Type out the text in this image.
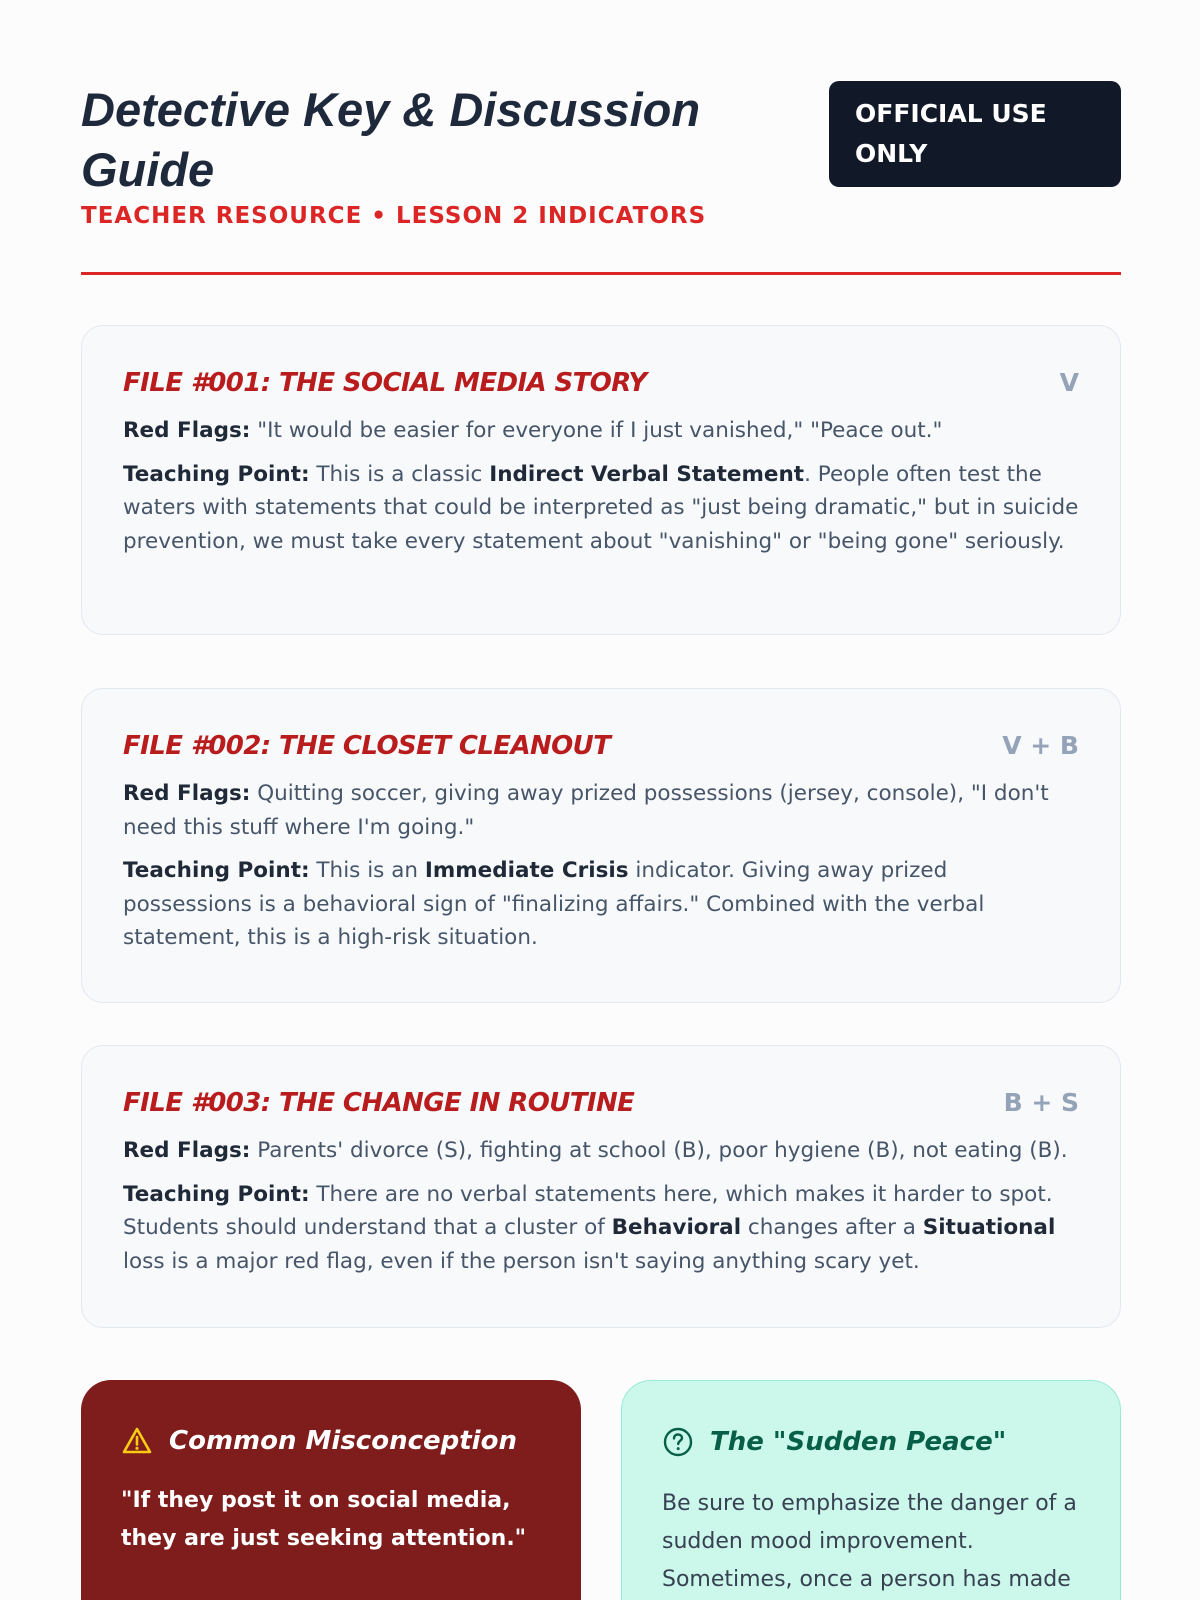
Detective Key & Discussion Guide
TEACHER RESOURCE • LESSON 2 INDICATORS
OFFICIAL USE ONLY
FILE #001: THE SOCIAL MEDIA STORY	V

Red Flags: "It would be easier for everyone if I just vanished," "Peace out."

Teaching Point: This is a classic Indirect Verbal Statement. People often test the waters with statements that could be interpreted as "just being dramatic," but in suicide prevention, we must take every statement about "vanishing" or "being gone" seriously.

FILE #002: THE CLOSET CLEANOUT	V + B

Red Flags: Quitting soccer, giving away prized possessions (jersey, console), "I don't need this stuff where I'm going."

Teaching Point: This is an Immediate Crisis indicator. Giving away prized possessions is a behavioral sign of "finalizing affairs." Combined with the verbal statement, this is a high-risk situation.

FILE #003: THE CHANGE IN ROUTINE	B + S

Red Flags: Parents' divorce (S), fighting at school (B), poor hygiene (B), not eating (B).

Teaching Point: There are no verbal statements here, which makes it harder to spot. Students should understand that a cluster of Behavioral changes after a Situational loss is a major red flag, even if the person isn't saying anything scary yet.

Common Misconception
"If they post it on social media, they are just seeking attention."
The "Sudden Peace"
Be sure to emphasize the danger of a sudden mood improvement. Sometimes, once a person has made
